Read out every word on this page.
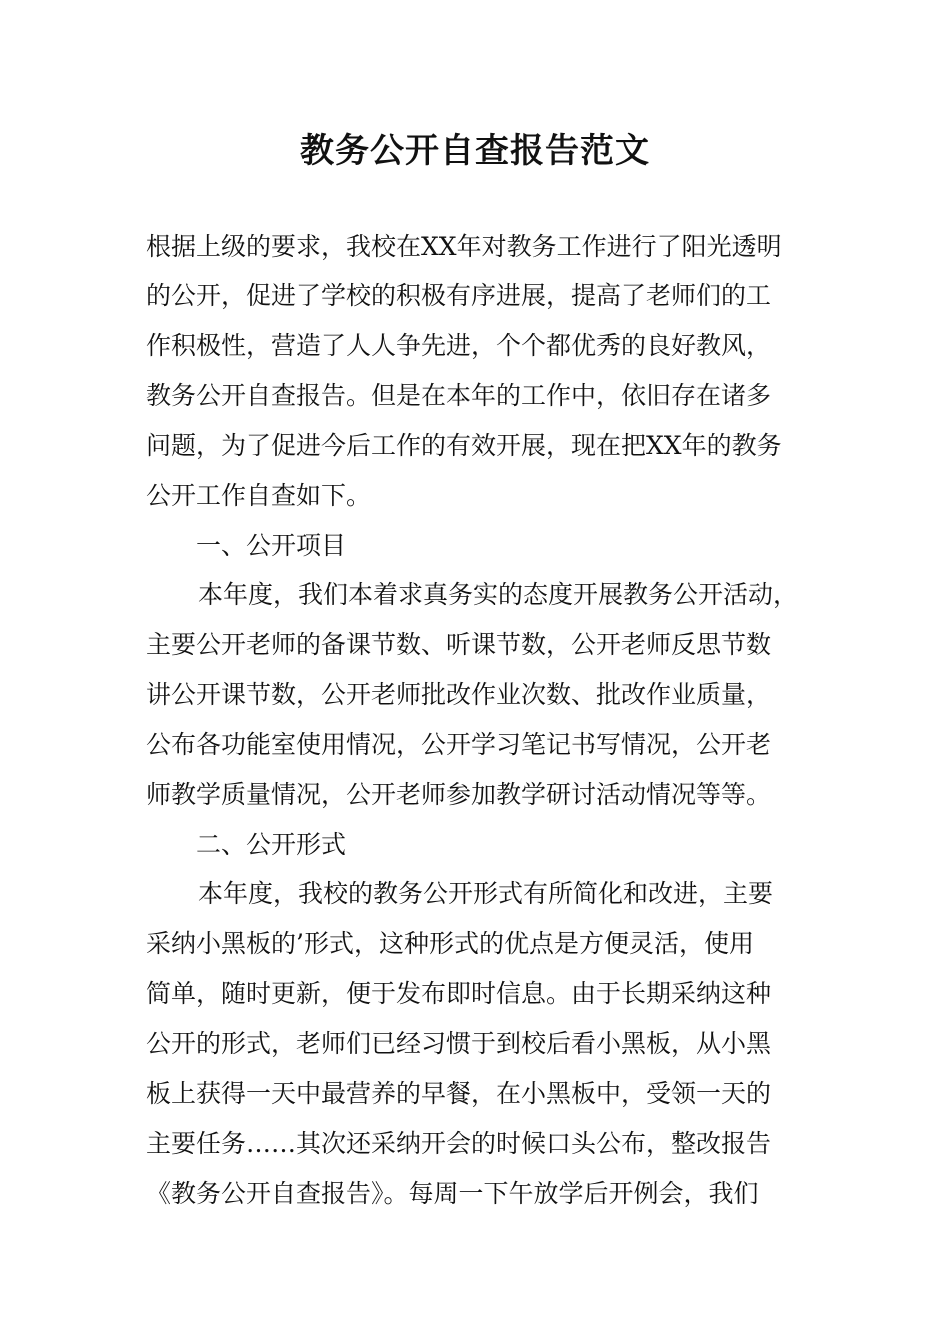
教务公开自查报告范文

根据上级的要求，我校在XX年对教务工作进行了阳光透明

的公开，促进了学校的积极有序进展，提高了老师们的工

作积极性，营造了人人争先进，个个都优秀的良好教风，

教务公开自查报告。但是在本年的工作中，依旧存在诸多

问题，为了促进今后工作的有效开展，现在把XX年的教务

公开工作自查如下。

一、公开项目

本年度，我们本着求真务实的态度开展教务公开活动，

主要公开老师的备课节数、听课节数，公开老师反思节数

讲公开课节数，公开老师批改作业次数、批改作业质量，

公布各功能室使用情况，公开学习笔记书写情况，公开老

师教学质量情况，公开老师参加教学研讨活动情况等等。

二、公开形式

本年度，我校的教务公开形式有所简化和改进，主要

采纳小黑板的’形式，这种形式的优点是方便灵活，使用

简单，随时更新，便于发布即时信息。由于长期采纳这种

公开的形式，老师们已经习惯于到校后看小黑板，从小黑

板上获得一天中最营养的早餐，在小黑板中，受领一天的

主要任务……其次还采纳开会的时候口头公布，整改报告

《教务公开自查报告》。每周一下午放学后开例会，我们
